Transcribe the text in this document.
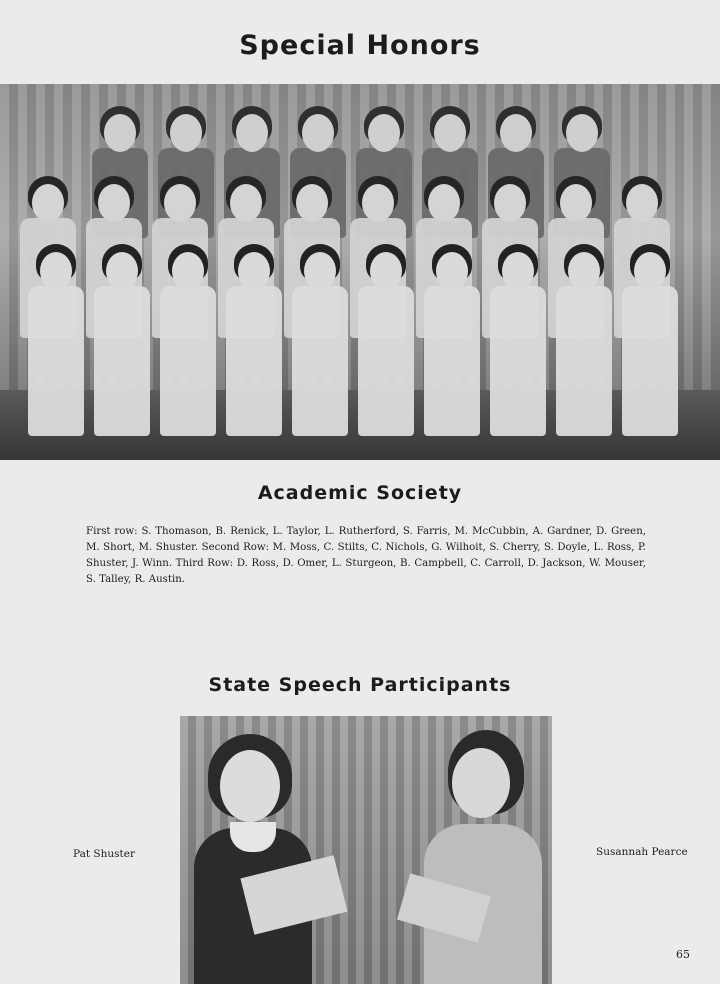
Special Honors
Academic Society

First row: S. Thomason, B. Renick, L. Taylor, L. Rutherford, S. Farris, M. McCubbin, A. Gardner, D. Green, M. Short, M. Shuster. Second Row: M. Moss, C. Stilts, C. Nichols, G. Wilhoit, S. Cherry, S. Doyle, L. Ross, P. Shuster, J. Winn. Third Row: D. Ross, D. Omer, L. Sturgeon, B. Campbell, C. Carroll, D. Jackson, W. Mouser, S. Talley, R. Austin.

State Speech Participants
Pat Shuster	Susannah Pearce
65
